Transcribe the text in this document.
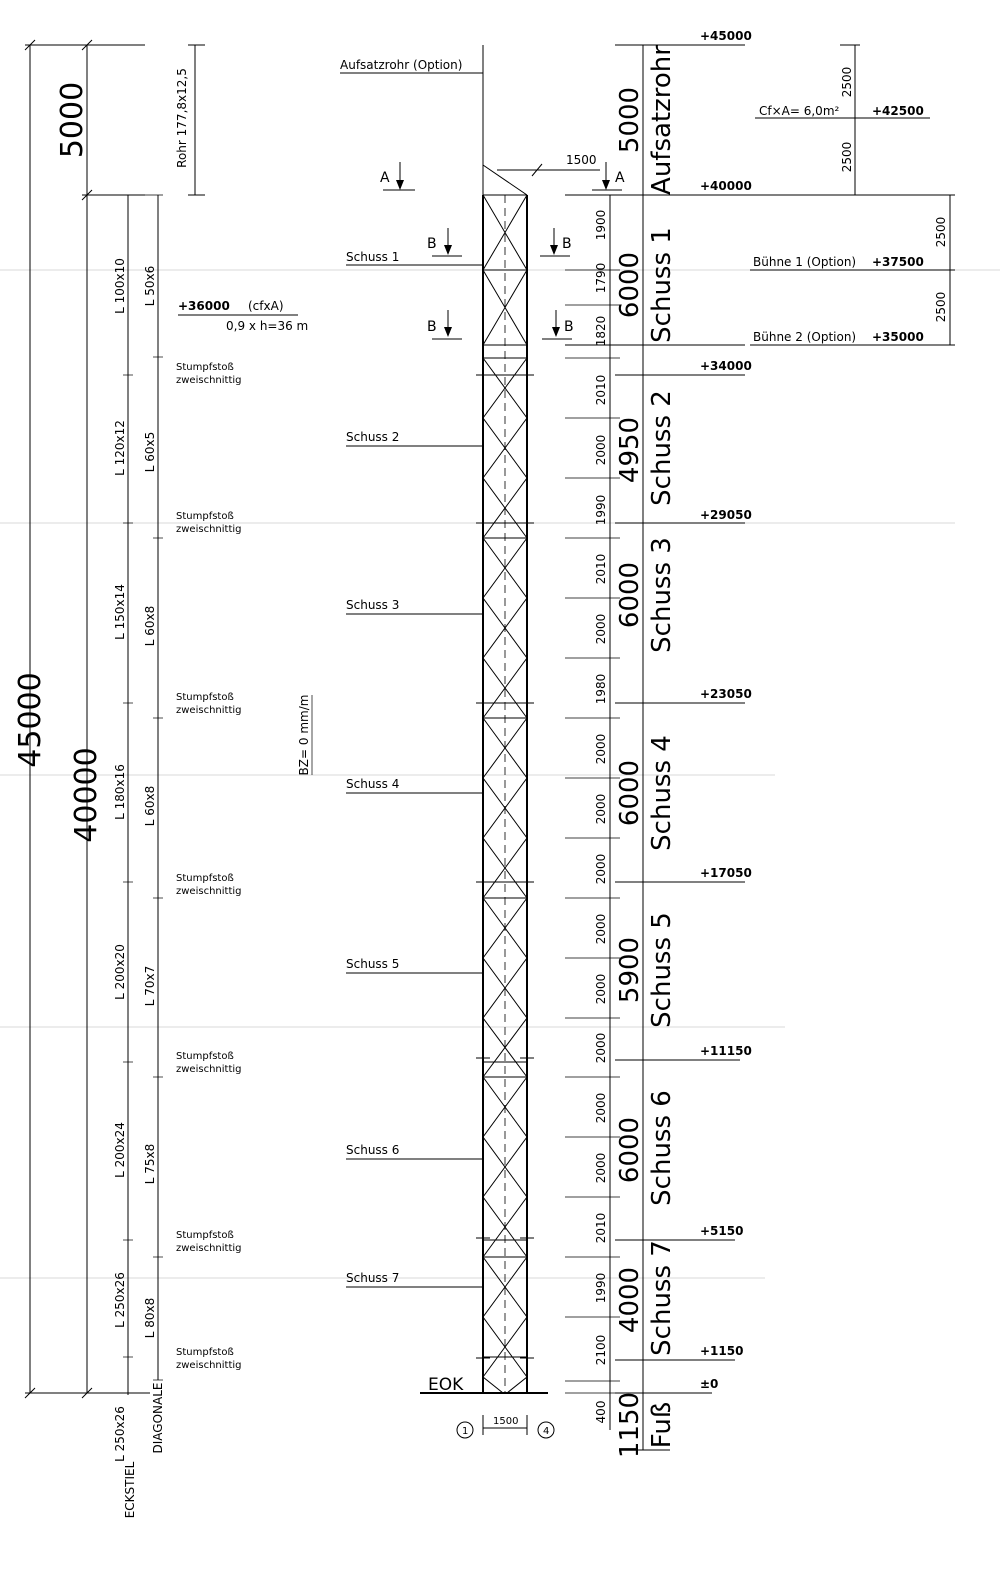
45000
5000
40000
Rohr 177,8x12,5
L 100x10
L 120x12
L 150x14
L 180x16
L 200x20
L 200x24
L 250x26
L 250x26
ECKSTIEL
L 50x6
L 60x5
L 60x8
L 60x8
L 70x7
L 75x8
L 80x8
DIAGONALE
Stumpfstoß
zweischnittig
Stumpfstoß
zweischnittig
Stumpfstoß
zweischnittig
Stumpfstoß
zweischnittig
Stumpfstoß
zweischnittig
Stumpfstoß
zweischnittig
Stumpfstoß
zweischnittig
+36000 (cfxA)
0,9 x h=36 m
BZ= 0 mm/m
Aufsatzrohr (Option)
1500
A	A
B	B
B	B
Schuss 1
Schuss 2
Schuss 3
Schuss 4
Schuss 5
Schuss 6
Schuss 7
EOK
1500
1	4
1900
1790
1820
2010
2000
1990
2010
2000
1980
2000
2000
2000
2000
2000
2000
2000
2000
2010
1990
2100
400
5000
6000
4950
6000
6000
5900
6000
4000
1150
Aufsatzrohr
Schuss 1
Schuss 2
Schuss 3
Schuss 4
Schuss 5
Schuss 6
Schuss 7
Fuß
+45000
+40000
+34000
+29050
+23050
+17050
+11150
+5150
+1150
±0
2500
2500
Cf×A= 6,0m²	+42500
2500
2500
Bühne 1 (Option) +37500
Bühne 2 (Option) +35000
